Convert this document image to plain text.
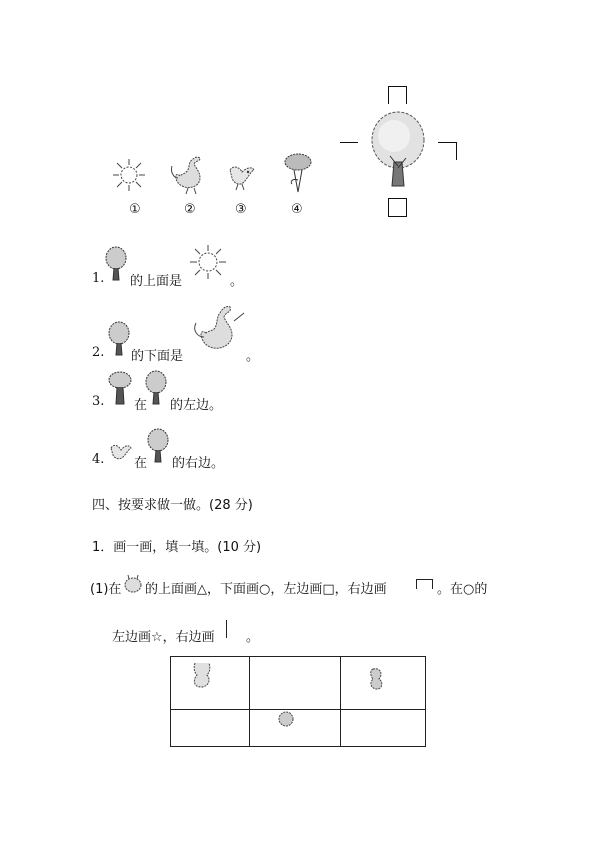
①	②	③	④
1. 的上面是	。
2. 的下面是	。
3. 在 的左边。
4. 在 的右边。
四、按要求做一做。(28 分)
1．画一画，填一填。(10 分)
(1)在 的上面画△，下面画○，左边画□，右边画	。在○的
左边画☆，右边画 。
